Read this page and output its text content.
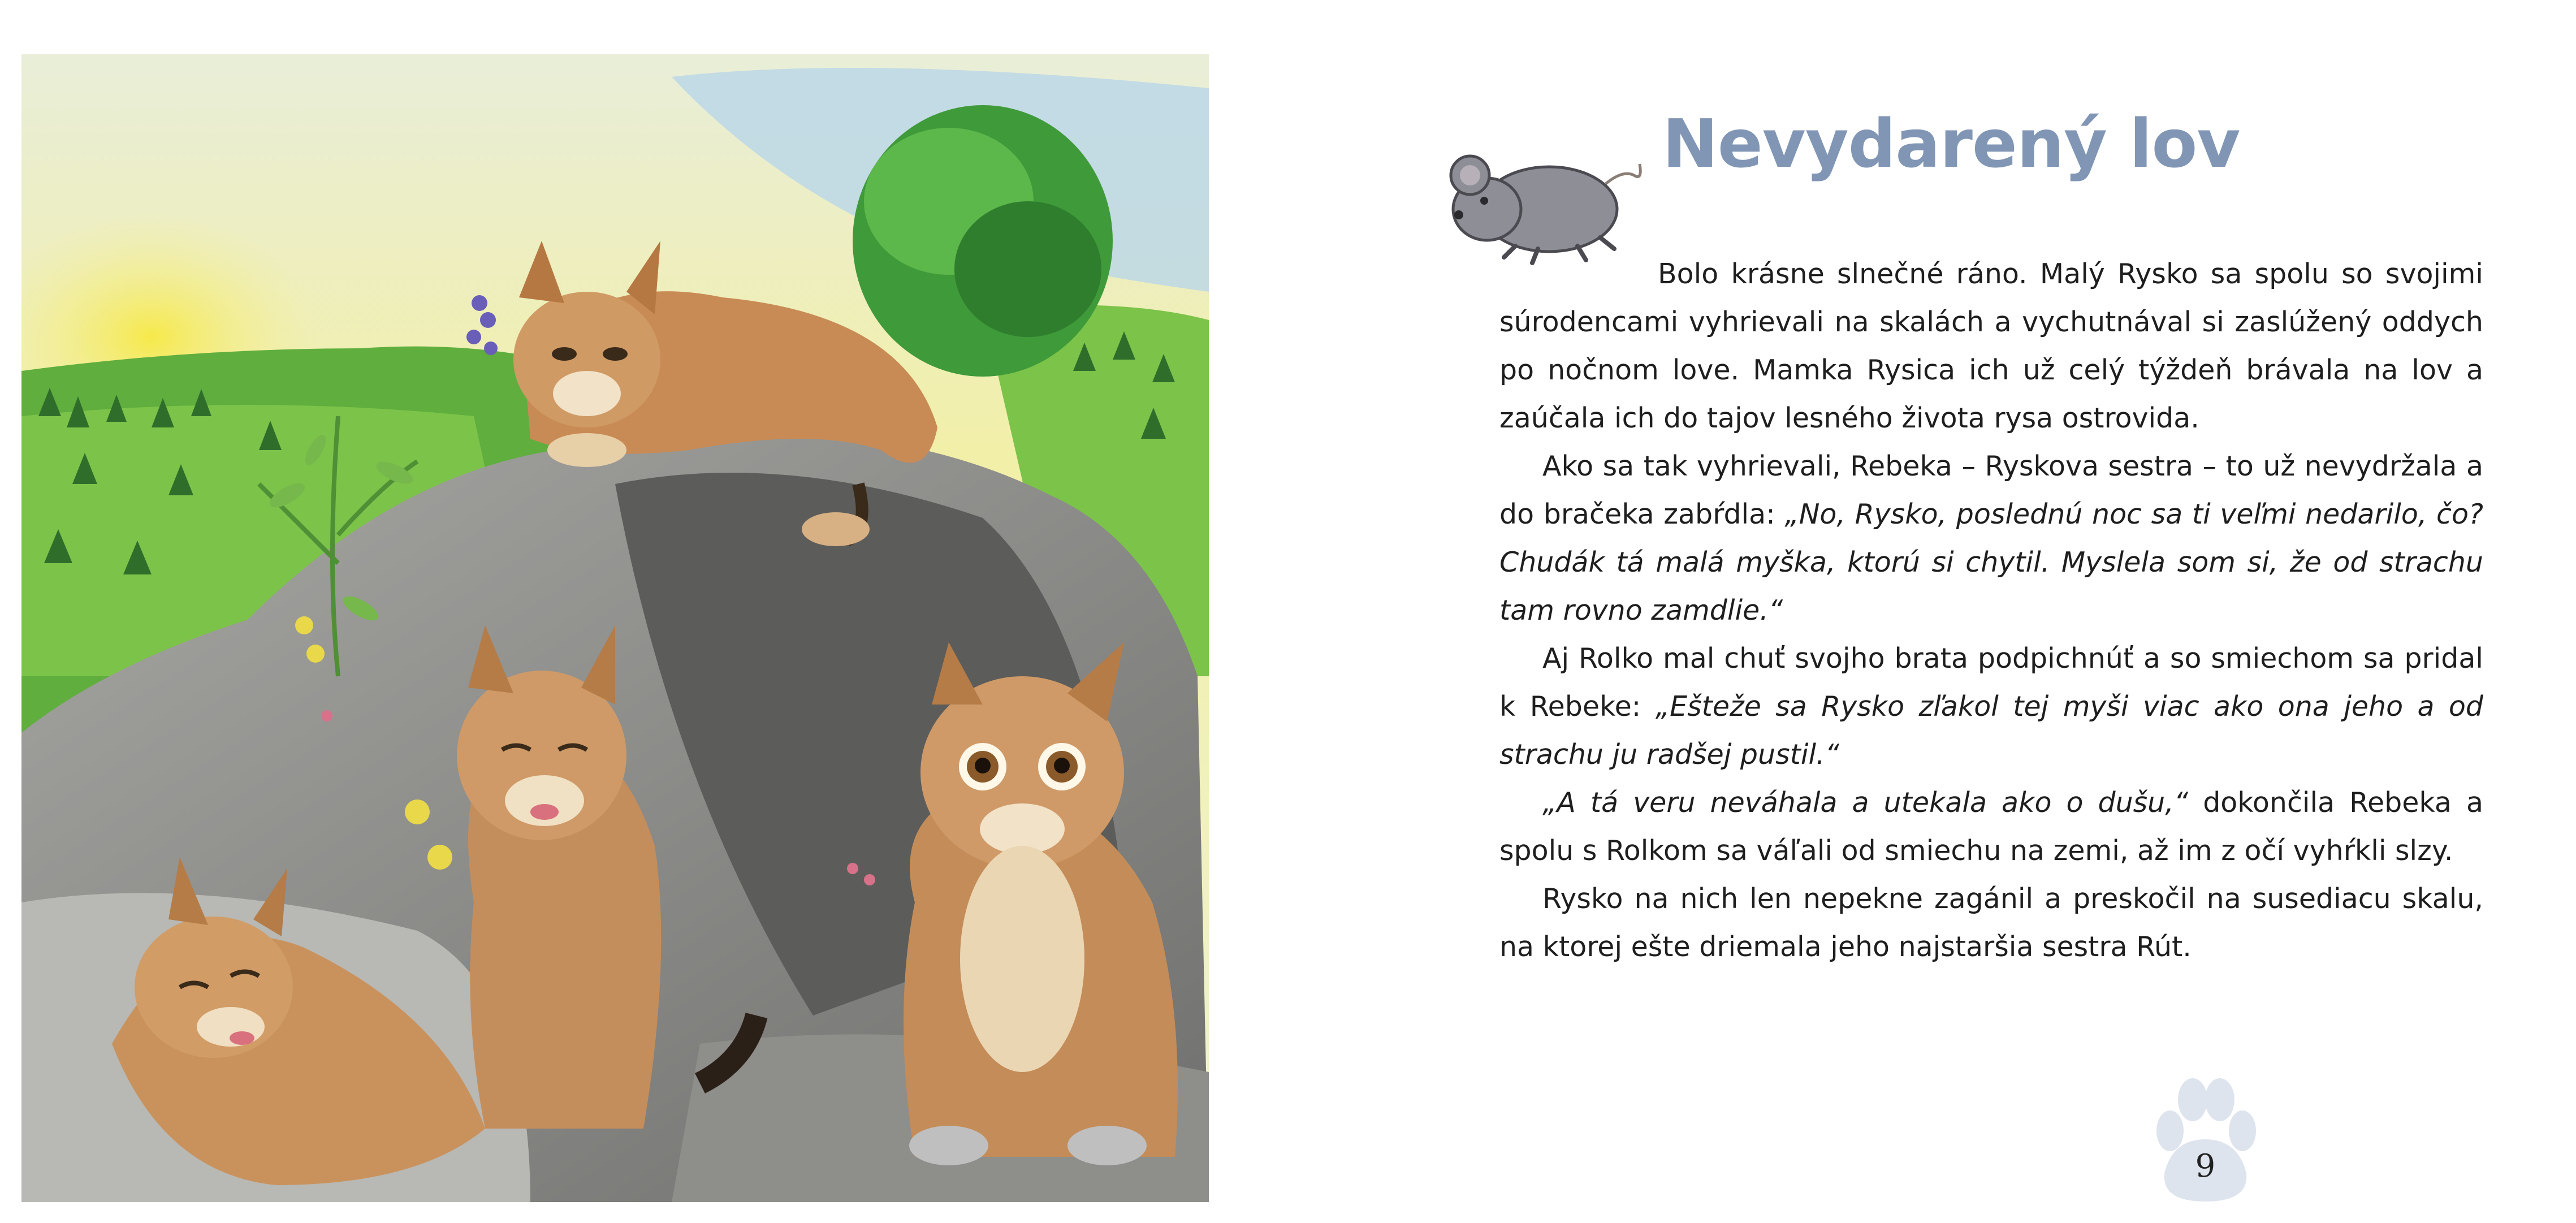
Nevydarený lov

Bolo krásne slnečné ráno. Malý Rysko sa spolu so svojimi súrodencami vyhrievali na skalách a vychutnával si zaslúžený oddych po nočnom love. Mamka Rysica ich už celý týždeň brávala na lov a zaúčala ich do tajov lesného života rysa ostrovida.

Ako sa tak vyhrievali, Rebeka – Ryskova sestra – to už nevydržala a do bračeka zabŕdla: „No, Rysko, poslednú noc sa ti veľmi nedarilo, čo? Chudák tá malá myška, ktorú si chytil. Myslela som si, že od strachu tam rovno zamdlie.“

Aj Rolko mal chuť svojho brata podpichnúť a so smiechom sa pridal k Rebeke: „Ešteže sa Rysko zľakol tej myši viac ako ona jeho a od strachu ju radšej pustil.“

„A tá veru neváhala a utekala ako o dušu,“ dokončila Rebeka a spolu s Rolkom sa váľali od smiechu na zemi, až im z očí vyhŕkli slzy.

Rysko na nich len nepekne zagánil a preskočil na susediacu skalu, na ktorej ešte driemala jeho najstaršia sestra Rút.

9
